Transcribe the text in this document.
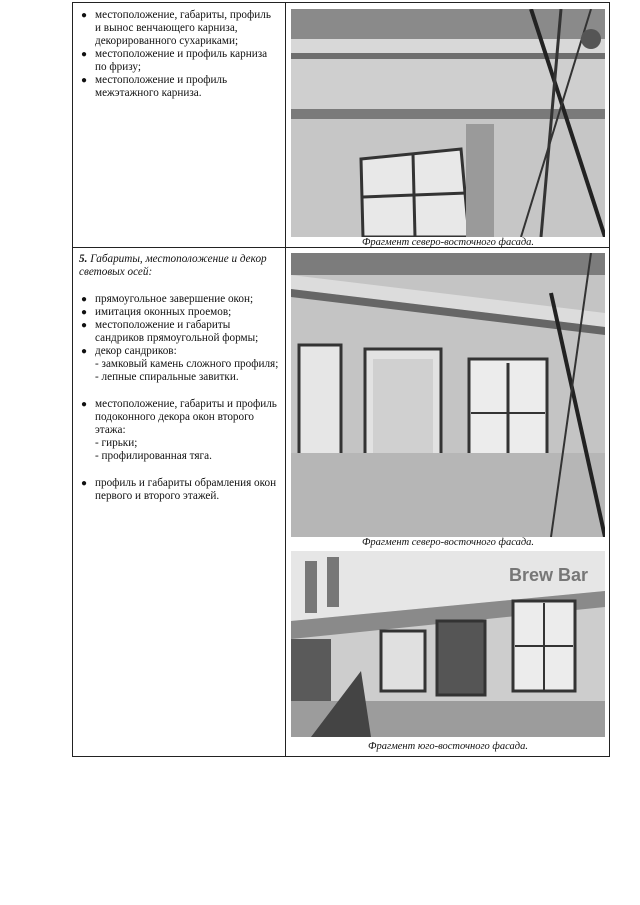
● местоположение, габариты, профиль и вынос венчающего карниза, декорированного сухариками;
● местоположение и профиль карниза по фризу;
● местоположение и профиль межэтажного карниза.
Фрагмент северо-восточного фасада.
5. Габариты, местоположение и декор световых осей:
● прямоугольное завершение окон;
● имитация оконных проемов;
● местоположение и габариты сандриков прямоугольной формы;
● декор сандриков:
- замковый камень сложного профиля;
- лепные спиральные завитки.
● местоположение, габариты и профиль подоконного декора окон второго этажа:
- гирьки;
- профилированная тяга.
● профиль и габариты обрамления окон первого и второго этажей.
Фрагмент северо-восточного фасада.
Brew Bar
Фрагмент юго-восточного фасада.
